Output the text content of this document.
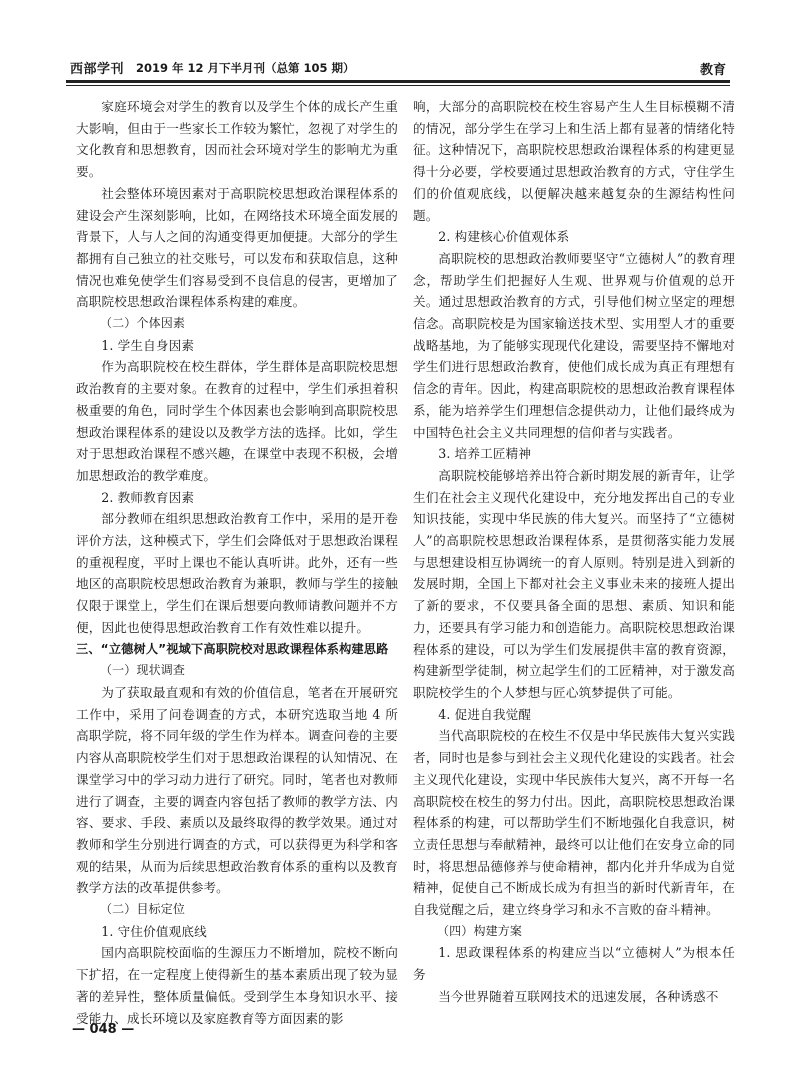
西部学刊 2019 年 12 月下半月刊（总第 105 期）	教育

家庭环境会对学生的教育以及学生个体的成长产生重大影响，但由于一些家长工作较为繁忙，忽视了对学生的文化教育和思想教育，因而社会环境对学生的影响尤为重要。

社会整体环境因素对于高职院校思想政治课程体系的建设会产生深刻影响，比如，在网络技术环境全面发展的背景下，人与人之间的沟通变得更加便捷。大部分的学生都拥有自己独立的社交账号，可以发布和获取信息，这种情况也难免使学生们容易受到不良信息的侵害，更增加了高职院校思想政治课程体系构建的难度。

（二）个体因素

1. 学生自身因素

作为高职院校在校生群体，学生群体是高职院校思想政治教育的主要对象。在教育的过程中，学生们承担着积极重要的角色，同时学生个体因素也会影响到高职院校思想政治课程体系的建设以及教学方法的选择。比如，学生对于思想政治课程不感兴趣，在课堂中表现不积极，会增加思想政治的教学难度。

2. 教师教育因素

部分教师在组织思想政治教育工作中，采用的是开卷评价方法，这种模式下，学生们会降低对于思想政治课程的重视程度，平时上课也不能认真听讲。此外，还有一些地区的高职院校思想政治教育为兼职，教师与学生的接触仅限于课堂上，学生们在课后想要向教师请教问题并不方便，因此也使得思想政治教育工作有效性难以提升。

三、“立德树人”视域下高职院校对思政课程体系构建思路

（一）现状调查

为了获取最直观和有效的价值信息，笔者在开展研究工作中，采用了问卷调查的方式，本研究选取当地 4 所高职学院，将不同年级的学生作为样本。调查问卷的主要内容从高职院校学生们对于思想政治课程的认知情况、在课堂学习中的学习动力进行了研究。同时，笔者也对教师进行了调查，主要的调查内容包括了教师的教学方法、内容、要求、手段、素质以及最终取得的教学效果。通过对教师和学生分别进行调查的方式，可以获得更为科学和客观的结果，从而为后续思想政治教育体系的重构以及教育教学方法的改革提供参考。

（二）目标定位

1. 守住价值观底线

国内高职院校面临的生源压力不断增加，院校不断向下扩招，在一定程度上使得新生的基本素质出现了较为显著的差异性，整体质量偏低。受到学生本身知识水平、接受能力、成长环境以及家庭教育等方面因素的影

响，大部分的高职院校在校生容易产生人生目标模糊不清的情况，部分学生在学习上和生活上都有显著的情绪化特征。这种情况下，高职院校思想政治课程体系的构建更显得十分必要，学校要通过思想政治教育的方式，守住学生们的价值观底线，以便解决越来越复杂的生源结构性问题。

2. 构建核心价值观体系

高职院校的思想政治教师要坚守“立德树人”的教育理念，帮助学生们把握好人生观、世界观与价值观的总开关。通过思想政治教育的方式，引导他们树立坚定的理想信念。高职院校是为国家输送技术型、实用型人才的重要战略基地，为了能够实现现代化建设，需要坚持不懈地对学生们进行思想政治教育，使他们成长成为真正有理想有信念的青年。因此，构建高职院校的思想政治教育课程体系，能为培养学生们理想信念提供动力，让他们最终成为中国特色社会主义共同理想的信仰者与实践者。

3. 培养工匠精神

高职院校能够培养出符合新时期发展的新青年，让学生们在社会主义现代化建设中，充分地发挥出自己的专业知识技能，实现中华民族的伟大复兴。而坚持了“立德树人”的高职院校思想政治课程体系，是贯彻落实能力发展与思想建设相互协调统一的育人原则。特别是进入到新的发展时期，全国上下都对社会主义事业未来的接班人提出了新的要求，不仅要具备全面的思想、素质、知识和能力，还要具有学习能力和创造能力。高职院校思想政治课程体系的建设，可以为学生们发展提供丰富的教育资源，构建新型学徒制，树立起学生们的工匠精神，对于激发高职院校学生的个人梦想与匠心筑梦提供了可能。

4. 促进自我觉醒

当代高职院校的在校生不仅是中华民族伟大复兴实践者，同时也是参与到社会主义现代化建设的实践者。社会主义现代化建设，实现中华民族伟大复兴，离不开每一名高职院校在校生的努力付出。因此，高职院校思想政治课程体系的构建，可以帮助学生们不断地强化自我意识，树立责任思想与奉献精神，最终可以让他们在安身立命的同时，将思想品德修养与使命精神，都内化并升华成为自觉精神，促使自己不断成长成为有担当的新时代新青年，在自我觉醒之后，建立终身学习和永不言败的奋斗精神。

（四）构建方案

1. 思政课程体系的构建应当以“立德树人”为根本任务

当今世界随着互联网技术的迅速发展，各种诱惑不

— 048 —
